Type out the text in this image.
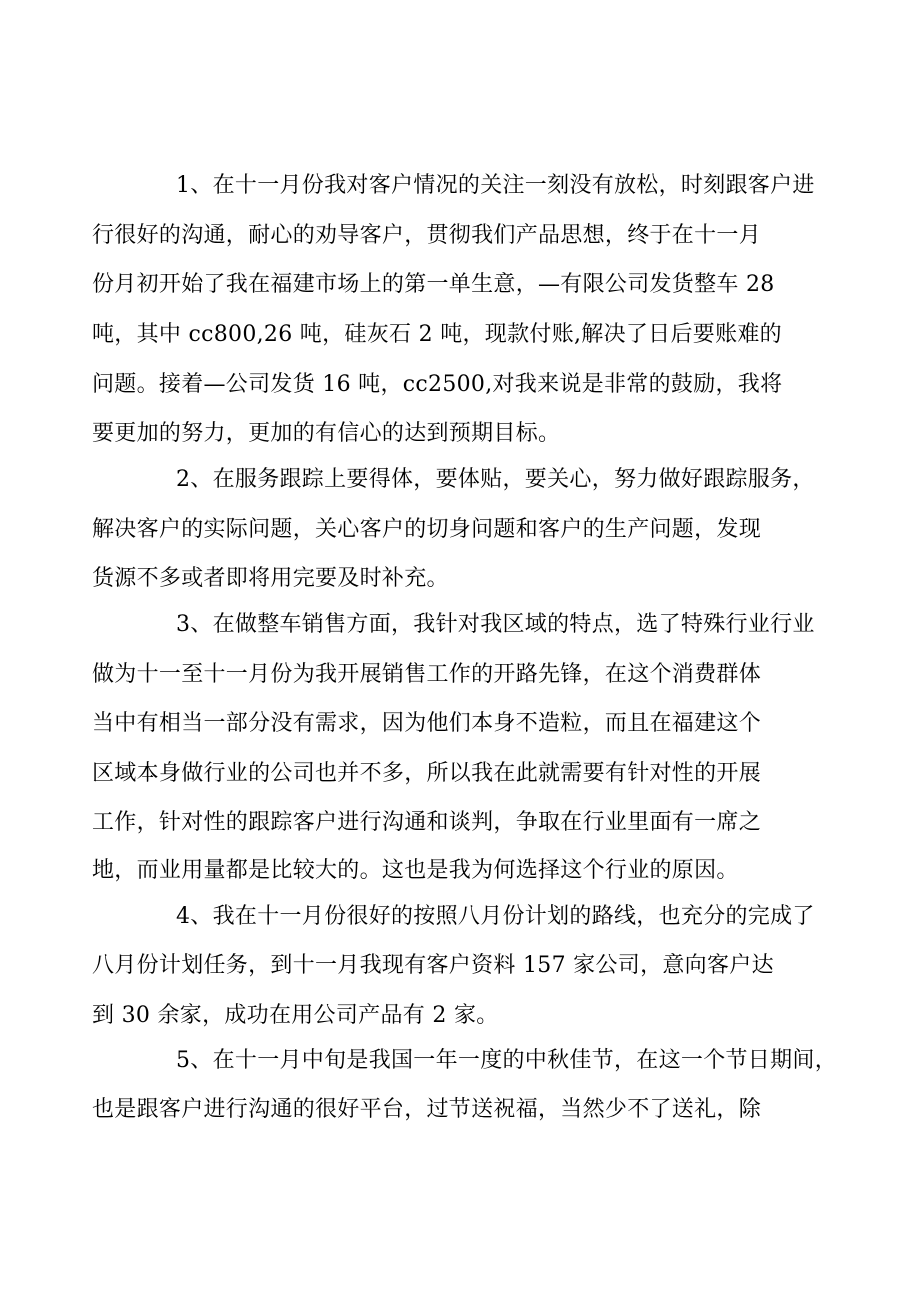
1、在十一月份我对客户情况的关注一刻没有放松，时刻跟客户进
行很好的沟通，耐心的劝导客户，贯彻我们产品思想，终于在十一月
份月初开始了我在福建市场上的第一单生意，—有限公司发货整车 28
吨，其中 cc800,26 吨，硅灰石 2 吨，现款付账,解决了日后要账难的
问题。接着—公司发货 16 吨，cc2500,对我来说是非常的鼓励，我将
要更加的努力，更加的有信心的达到预期目标。
2、在服务跟踪上要得体，要体贴，要关心，努力做好跟踪服务，
解决客户的实际问题，关心客户的切身问题和客户的生产问题，发现
货源不多或者即将用完要及时补充。
3、在做整车销售方面，我针对我区域的特点，选了特殊行业行业
做为十一至十一月份为我开展销售工作的开路先锋，在这个消费群体
当中有相当一部分没有需求，因为他们本身不造粒，而且在福建这个
区域本身做行业的公司也并不多，所以我在此就需要有针对性的开展
工作，针对性的跟踪客户进行沟通和谈判，争取在行业里面有一席之
地，而业用量都是比较大的。这也是我为何选择这个行业的原因。
4、我在十一月份很好的按照八月份计划的路线，也充分的完成了
八月份计划任务，到十一月我现有客户资料 157 家公司，意向客户达
到 30 余家，成功在用公司产品有 2 家。
5、在十一月中旬是我国一年一度的中秋佳节，在这一个节日期间，
也是跟客户进行沟通的很好平台，过节送祝福，当然少不了送礼，除
